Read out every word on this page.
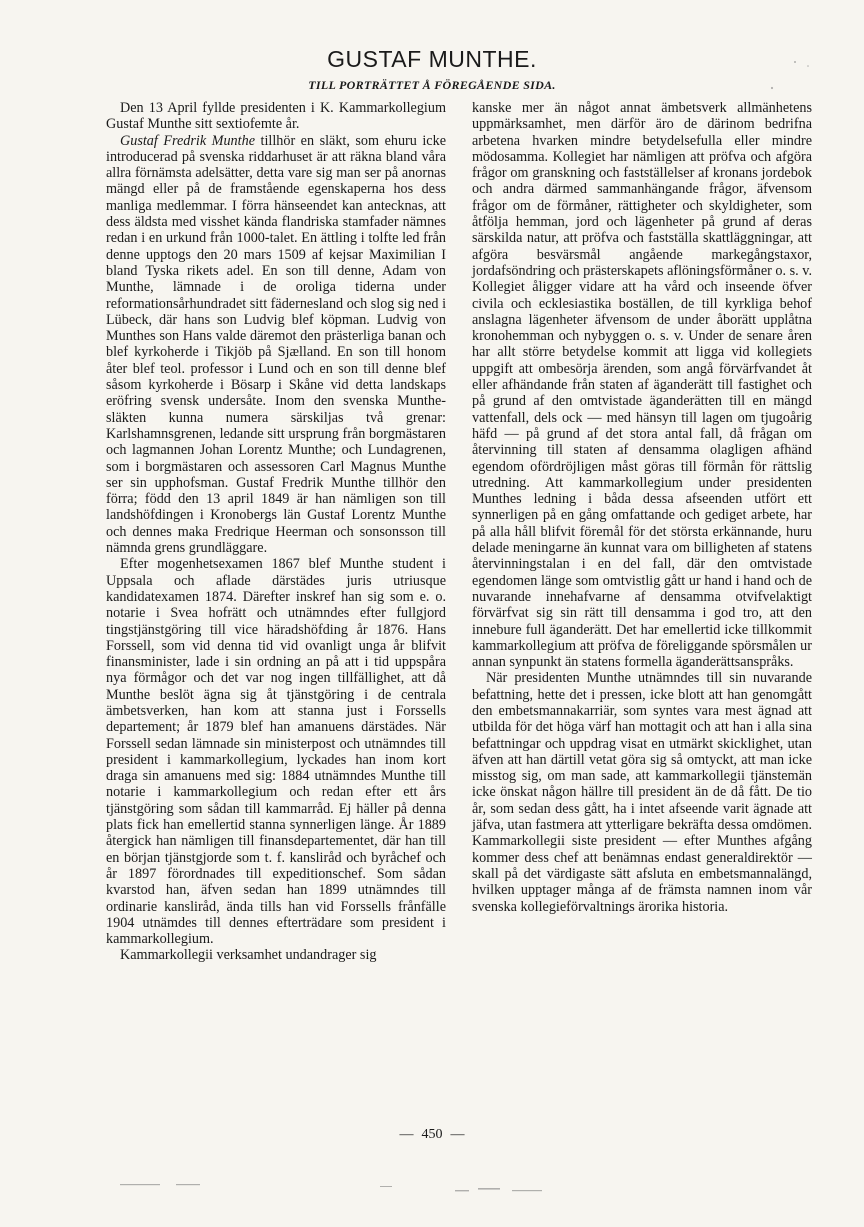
GUSTAF MUNTHE.
TILL PORTRÄTTET Å FÖREGÅENDE SIDA.

Den 13 April fyllde presidenten i K. Kammarkollegium Gustaf Munthe sitt sextiofemte år.

Gustaf Fredrik Munthe tillhör en släkt, som ehuru icke introducerad på svenska riddarhuset är att räkna bland våra allra förnämsta adelsätter, detta vare sig man ser på anornas mängd eller på de framstående egenskaperna hos dess manliga medlemmar. I förra hänseendet kan antecknas, att dess äldsta med visshet kända flandriska stamfader nämnes redan i en urkund från 1000-talet. En ättling i tolfte led från denne upptogs den 20 mars 1509 af kejsar Maximilian I bland Tyska rikets adel. En son till denne, Adam von Munthe, lämnade i de oroliga tiderna under reformationsårhundradet sitt fädernesland och slog sig ned i Lübeck, där hans son Ludvig blef köpman. Ludvig von Munthes son Hans valde däremot den prästerliga banan och blef kyrkoherde i Tikjöb på Sjælland. En son till honom åter blef teol. professor i Lund och en son till denne blef såsom kyrkoherde i Bösarp i Skåne vid detta landskaps eröfring svensk undersåte. Inom den svenska Munthe-släkten kunna numera särskiljas två grenar: Karlshamnsgrenen, ledande sitt ursprung från borgmästaren och lagmannen Johan Lorentz Munthe; och Lundagrenen, som i borgmästaren och assessoren Carl Magnus Munthe ser sin upphofsman. Gustaf Fredrik Munthe tillhör den förra; född den 13 april 1849 är han nämligen son till landshöfdingen i Kronobergs län Gustaf Lorentz Munthe och dennes maka Fredrique Heerman och sonsonsson till nämnda grens grundläggare.

Efter mogenhetsexamen 1867 blef Munthe student i Uppsala och aflade därstädes juris utriusque kandidatexamen 1874. Därefter inskref han sig som e. o. notarie i Svea hofrätt och utnämndes efter fullgjord tingstjänstgöring till vice häradshöfding år 1876. Hans Forssell, som vid denna tid vid ovanligt unga år blifvit finansminister, lade i sin ordning an på att i tid uppspåra nya förmågor och det var nog ingen tillfällighet, att då Munthe beslöt ägna sig åt tjänstgöring i de centrala ämbetsverken, han kom att stanna just i Forssells departement; år 1879 blef han amanuens därstädes. När Forssell sedan lämnade sin ministerpost och utnämndes till president i kammarkollegium, lyckades han inom kort draga sin amanuens med sig: 1884 utnämndes Munthe till notarie i kammarkollegium och redan efter ett års tjänstgöring som sådan till kammarråd. Ej häller på denna plats fick han emellertid stanna synnerligen länge. År 1889 återgick han nämligen till finansdepartementet, där han till en början tjänstgjorde som t. f. kansliråd och byråchef och år 1897 förordnades till expeditionschef. Som sådan kvarstod han, äfven sedan han 1899 utnämndes till ordinarie kansliråd, ända tills han vid Forssells frånfälle 1904 utnämdes till dennes efterträdare som president i kammarkollegium.

Kammarkollegii verksamhet undandrager sig

kanske mer än något annat ämbetsverk allmänhetens uppmärksamhet, men därför äro de därinom bedrifna arbetena hvarken mindre betydelsefulla eller mindre mödosamma. Kollegiet har nämligen att pröfva och afgöra frågor om granskning och fastställelser af kronans jordebok och andra därmed sammanhängande frågor, äfvensom frågor om de förmåner, rättigheter och skyldigheter, som åtfölja hemman, jord och lägenheter på grund af deras särskilda natur, att pröfva och fastställa skattläggningar, att afgöra besvärsmål angående markegångstaxor, jordafsöndring och prästerskapets aflöningsförmåner o. s. v. Kollegiet åligger vidare att ha vård och inseende öfver civila och ecklesiastika boställen, de till kyrkliga behof anslagna lägenheter äfvensom de under åborätt upplåtna kronohemman och nybyggen o. s. v. Under de senare åren har allt större betydelse kommit att ligga vid kollegiets uppgift att ombesörja ärenden, som angå förvärfvandet åt eller afhändande från staten af äganderätt till fastighet och på grund af den omtvistade äganderätten till en mängd vattenfall, dels ock — med hänsyn till lagen om tjugoårig häfd — på grund af det stora antal fall, då frågan om återvinning till staten af densamma olagligen afhänd egendom ofördröjligen måst göras till förmån för rättslig utredning. Att kammarkollegium under presidenten Munthes ledning i båda dessa afseenden utfört ett synnerligen på en gång omfattande och gediget arbete, har på alla håll blifvit föremål för det största erkännande, huru delade meningarne än kunnat vara om billigheten af statens återvinningstalan i en del fall, där den omtvistade egendomen länge som omtvistlig gått ur hand i hand och de nuvarande innehafvarne af densamma otvifvelaktigt förvärfvat sig sin rätt till densamma i god tro, att den innebure full äganderätt. Det har emellertid icke tillkommit kammarkollegium att pröfva de föreliggande spörsmålen ur annan synpunkt än statens formella äganderättsanspråks.

När presidenten Munthe utnämndes till sin nuvarande befattning, hette det i pressen, icke blott att han genomgått den embetsmannakarriär, som syntes vara mest ägnad att utbilda för det höga värf han mottagit och att han i alla sina befattningar och uppdrag visat en utmärkt skicklighet, utan äfven att han därtill vetat göra sig så omtyckt, att man icke misstog sig, om man sade, att kammarkollegii tjänstemän icke önskat någon hällre till president än de då fått. De tio år, som sedan dess gått, ha i intet afseende varit ägnade att jäfva, utan fastmera att ytterligare bekräfta dessa omdömen. Kammarkollegii siste president — efter Munthes afgång kommer dess chef att benämnas endast generaldirektör — skall på det värdigaste sätt afsluta en embetsmannalängd, hvilken upptager många af de främsta namnen inom vår svenska kollegieförvaltnings ärorika historia.

— 450 —
